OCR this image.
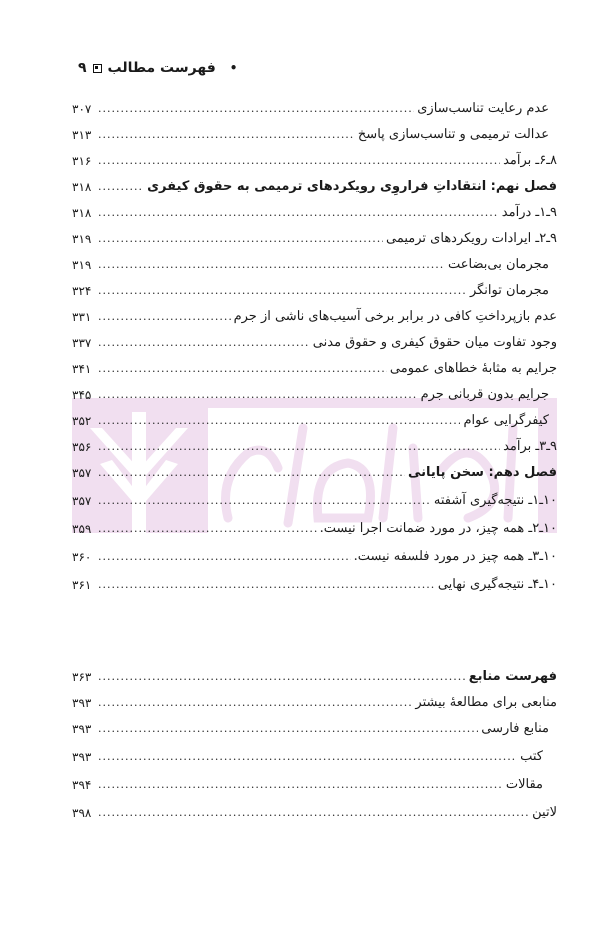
•
فهرست مطالب
۹
عدم رعایت تناسب‌سازی
.....
۳۰۷
عدالت ترمیمی و تناسب‌سازی پاسخ
.....
۳۱۳
۸ـ۶ـ برآمد
.....
۳۱۶
فصل نهم: انتقاداتِ فراروِی رویکردهای ترمیمی به حقوق کیفری
.....
۳۱۸
۹ـ۱ـ درآمد
.....
۳۱۸
۹ـ۲ـ ایرادات رویکردهای ترمیمی
.....
۳۱۹
مجرمان بی‌بضاعت
.....
۳۱۹
مجرمان توانگر
.....
۳۲۴
عدم بازپرداختِ کافی در برابر برخی آسیب‌های ناشی از جرم
.....
۳۳۱
وجود تفاوت میان حقوق کیفری و حقوق مدنی
.....
۳۳۷
جرایم به مثابهٔ خطاهای عمومی
.....
۳۴۱
جرایم بدون قربانی جرم
.....
۳۴۵
کیفرگرایی عوام
.....
۳۵۲
۹ـ۳ـ برآمد
.....
۳۵۶
فصل دهم: سخن پایانی
.....
۳۵۷
۱۰ـ۱ـ نتیجه‌گیری آشفته
.....
۳۵۷
۱۰ـ۲ـ همه چیز، در مورد ضمانت اجرا نیست.
.....
۳۵۹
۱۰ـ۳ـ همه چیز در مورد فلسفه نیست.
.....
۳۶۰
۱۰ـ۴ـ نتیجه‌گیری نهایی
.....
۳۶۱
فهرست منابع
.....
۳۶۳
منابعی برای مطالعهٔ بیشتر
.....
۳۹۳
منابع فارسی
.....
۳۹۳
کتب
.....
۳۹۳
مقالات
.....
۳۹۴
لاتین
.....
۳۹۸
